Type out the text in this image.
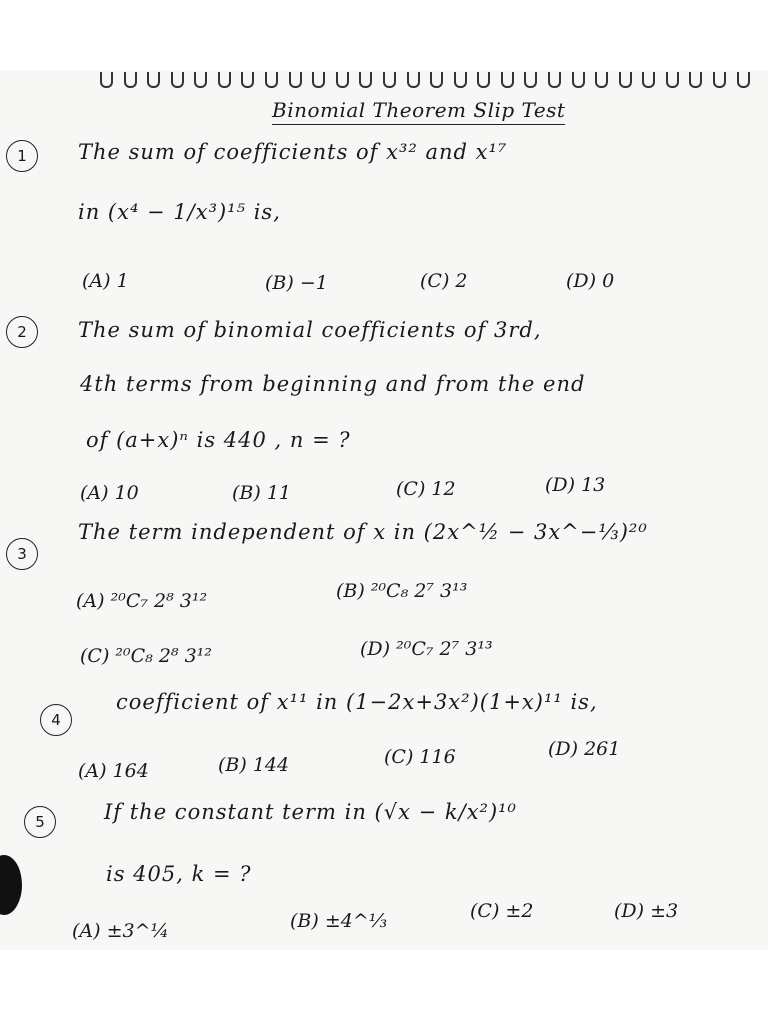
Binomial Theorem Slip Test
1	The sum of coefficients of x³² and x¹⁷
in (x⁴ − 1/x³)¹⁵ is,
(A) 1	(B) −1	(C) 2	(D) 0
2	The sum of binomial coefficients of 3rd,
4th terms from beginning and from the end
of (a+x)ⁿ is 440 , n = ?
(A) 10	(B) 11	(C) 12	(D) 13
3
The term independent of x in (2x^½ − 3x^−⅓)²⁰
(A) ²⁰C₇ 2⁸ 3¹²	(B) ²⁰C₈ 2⁷ 3¹³
(C) ²⁰C₈ 2⁸ 3¹²	(D) ²⁰C₇ 2⁷ 3¹³
4
coefficient of x¹¹ in (1−2x+3x²)(1+x)¹¹ is,
(A) 164	(B) 144	(C) 116	(D) 261
5	If the constant term in (√x − k/x²)¹⁰
is 405, k = ?
(A) ±3^¼	(B) ±4^⅓	(C) ±2	(D) ±3
